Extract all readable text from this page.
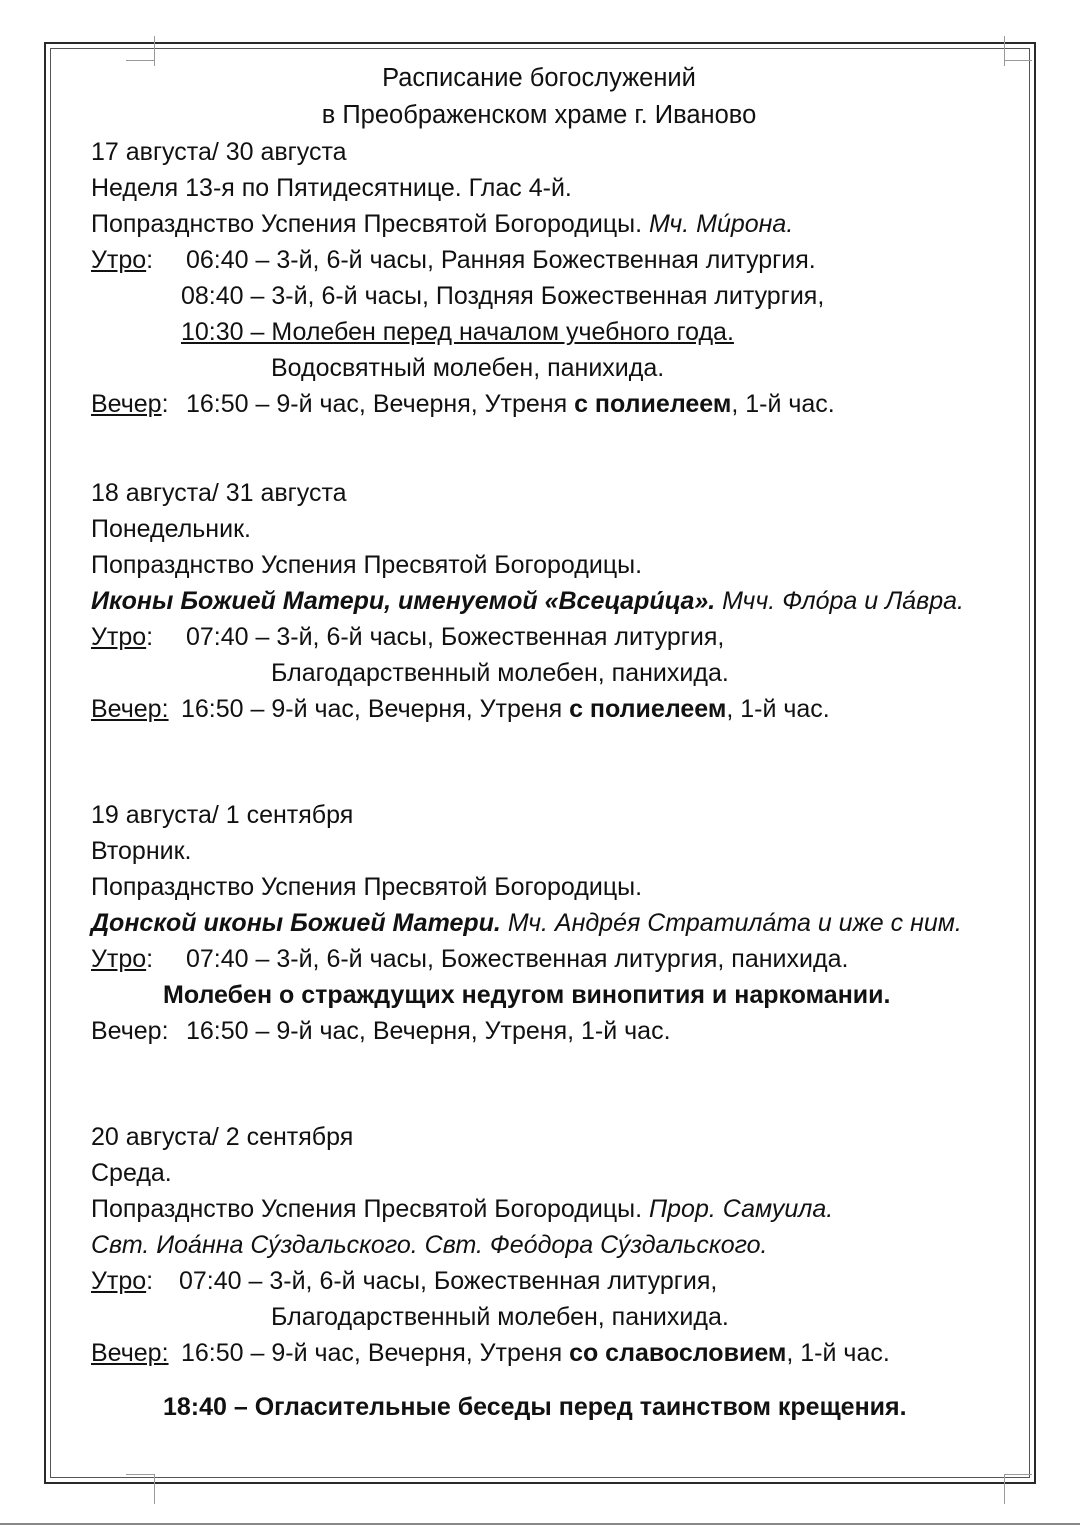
Расписание богослужений
в Преображенском храме г. Иваново
17 августа/ 30 августа
Неделя 13-я по Пятидесятнице. Глас 4-й.
Попразднство Успения Пресвятой Богородицы. Мч. Ми́рона.
Утро: 06:40 – 3-й, 6-й часы, Ранняя Божественная литургия.
08:40 – 3-й, 6-й часы, Поздняя Божественная литургия,
10:30 – Молебен перед началом учебного года.
Водосвятный молебен, панихида.
Вечер: 16:50 – 9-й час, Вечерня, Утреня с полиелеем, 1-й час.
18 августа/ 31 августа
Понедельник.
Попразднство Успения Пресвятой Богородицы.
Иконы Божией Матери, именуемой «Всецари́ца». Мчч. Фло́ра и Ла́вра.
Утро: 07:40 – 3-й, 6-й часы, Божественная литургия,
Благодарственный молебен, панихида.
Вечер: 16:50 – 9-й час, Вечерня, Утреня с полиелеем, 1-й час.
19 августа/ 1 сентября
Вторник.
Попразднство Успения Пресвятой Богородицы.
Донской иконы Божией Матери. Мч. Андре́я Стратила́та и иже с ним.
Утро: 07:40 – 3-й, 6-й часы, Божественная литургия, панихида.
Молебен о страждущих недугом винопития и наркомании.
Вечер: 16:50 – 9-й час, Вечерня, Утреня, 1-й час.
20 августа/ 2 сентября
Среда.
Попразднство Успения Пресвятой Богородицы. Прор. Самуила.
Свт. Иоа́нна Су́здальского. Свт. Фео́дора Су́здальского.
Утро: 07:40 – 3-й, 6-й часы, Божественная литургия,
Благодарственный молебен, панихида.
Вечер: 16:50 – 9-й час, Вечерня, Утреня со славословием, 1-й час.
18:40 – Огласительные беседы перед таинством крещения.
